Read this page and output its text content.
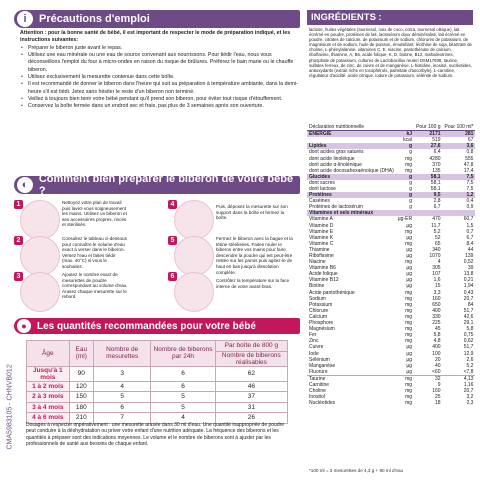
i	Précautions d'emploi

Attention : pour la bonne santé de bébé, il est important de respecter le mode de préparation indiqué, et les instructions suivantes:

▪ Préparer le biberon juste avant le repas.
▪ Utilisez une eau minérale ou une eau de source convenant aux nourrissons. Pour tiédir l'eau, nous vous déconseillons l'emploi du four à micro-ondes en raison du risque de brûlures. Préférez le bain marie ou le chauffe biberon.
▪ Utilisez exclusivement la mesurette contenue dans cette boîte.
▪ Il est recommandé de donner le biberon dans l'heure qui suit sa préparation à température ambiante, dans la demi-heure s'il est tiédi. Jetez sans hésiter le reste d'un biberon non terminé.
▪ Veillez à toujours bien tenir votre bébé pendant qu'il prend son biberon, pour éviter tout risque d'étouffement.
▪ Conservez la boîte fermée dans un endroit sec et frais, pas plus de 3 semaines après son ouverture.
◐ Comment bien préparer le biberon de votre bébé ?
1	Nettoyez votre plan de travail puis lavez-vous soigneusement les mains. Utilisez un biberon et ses accessoires propres, rincés et stérilisés.
2	Consultez le tableau ci-dessous pour connaître le volume d'eau exact à verser dans le biberon. Versez l'eau et faites tiédir (max. 40°C) si vous le souhaitez.
3	Ajoutez le nombre exact de mesurettes de poudre correspondant au volume d'eau. Arasez chaque mesurette sur le rebord.
4	Puis, déposez la mesurette sur son support dans la boîte et fermez la boîte.
5	Fermez le biberon avec la bague et la tétine stérilisées. Faites rouler le biberon entre vos mains pour faire descendre la poudre qui est peut-être restée sur les parois puis agitez-le de haut en bas jusqu'à dissolution complète.
6
Contrôlez la température sur la face interne de votre avant-bras.
●	Les quantités recommandées pour votre bébé
CMA5983105 - CHNVB012
Âge	Eau (ml)	Nombre de mesurettes	Nombre de biberons par 24h	Par boîte de 800 g
				Nombre de biberons réalisables
Jusqu'à 1 mois	90	3	6	62
1 à 2 mois	120	4	6	46
2 à 3 mois	150	5	5	37
3 à 4 mois	180	6	5	31
4 à 6 mois	210	7	4	26
Dosages à respecter impérativement : une mesurette arasée dans 30 ml d'eau. Une quantité inappropriée de poudre peut conduire à la déshydratation ou priver votre enfant d'une nutrition adéquate. La fréquence des biberons et les quantités à préparer sont des indications moyennes. Le volume et le nombre de biberons sont à ajuster par les professionnels de santé aux besoins de chaque enfant.
INGRÉDIENTS :
lactose, huiles végétales (tournesol, noix de coco, colza, tournesol oléique), lait écrémé en poudre, protéines de lait, lactosérum doux déminéralisé, lait écrémé en poudre, citrates de calcium, de potassium et de sodium, chlorures de potassium, de magnésium et de sodium, huile de poisson, émulsifiant: lécithine de soja, bitartrate de choline, L-phénylalanine, vitamines C, E, niacine, pantothénate de calcium, riboflavine, thiamine, A, B6, acide folique, K, D, biotine, B12, maltodextrines, phosphate de potassium, cultures de Lactobacillus reuteri DSM17938, taurine, sulfates ferreux, de zinc, de cuivre et de manganèse, L-histidine, inositol, nucléotides, antioxydants (extrait riche en tocophérols, palmitate d'ascorbyle), L-carnitine, régulateur d'acidité: acide citrique, iodure de potassium, sélénite de sodium.
Déclaration nutritionnelle		Pour 100 g	Pour 100 ml*
ÉNERGIE	kJ	2171	281
	kcal	519	67
Lipides	g	27,6	3,6
dont acides gras saturés	g	6,4	0,8
dont acide linoléique	mg	4280	555
dont acide α-linolénique	mg	370	47,8
dont acide docosahexaénoïque (DHA)	mg	135	17,4
Glucides	g	58,1	7,5
dont sucres	g	58,1	7,5
dont lactose	g	58,1	7,5
Protéines	g	9,5	1,2
Caséines	g	2,8	0,4
Protéines de lactosérum	g	6,7	0,9
Vitamines et sels minéraux			
Vitamine A	µg-ER	470	60,7
Vitamine D	µg	11,7	1,5
Vitamine E	mg	5,2	0,7
Vitamine K	µg	52	6,7
Vitamine C	mg	65	8,4
Thiamine	µg	340	44
Riboflavine	µg	1070	139
Niacine	mg	4	0,52
Vitamine B6	µg	305	39
Acide folique	µg	107	13,8
Vitamine B12	µg	1,6	0,21
Biotine	µg	15	1,94
Acide pantothénique	mg	3,3	0,43
Sodium	mg	160	20,7
Potassium	mg	650	84
Chlorure	mg	400	51,7
Calcium	mg	330	42,6
Phosphore	mg	225	29,1
Magnésium	mg	45	5,8
Fer	mg	5,8	0,75
Zinc	mg	4,8	0,62
Cuivre	µg	400	51,7
Iode	µg	100	12,9
Sélénium	µg	20	2,6
Manganèse	µg	40	5,2
Fluorure	µg	<60	<7,8
Taurine	mg	32	4,13
Carnitine	mg	9	1,16
Choline	mg	160	20,7
Inositol	mg	25	3,2
Nucléotides	mg	18	2,3
*100 ml = 3 mesurettes de 4,3 g + 90 ml d'eau
